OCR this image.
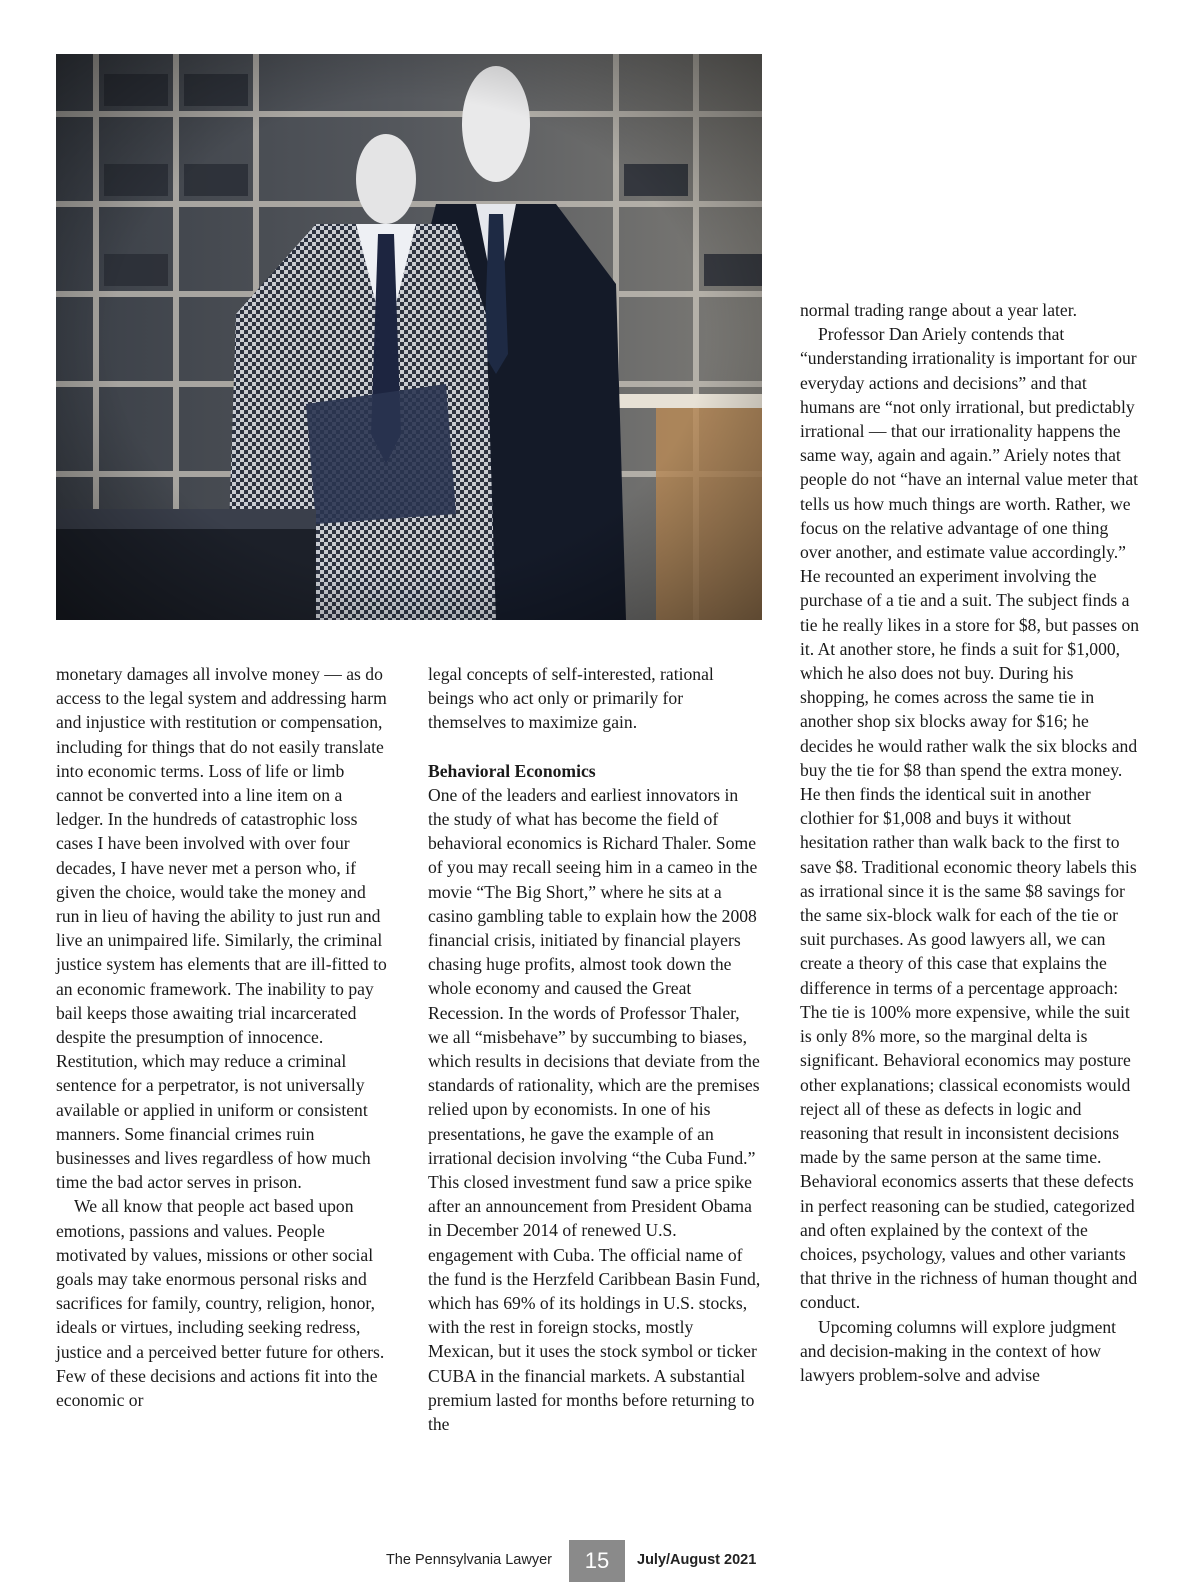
monetary damages all involve money — as do access to the legal system and addressing harm and injustice with restitution or compensation, including for things that do not easily translate into economic terms. Loss of life or limb cannot be converted into a line item on a ledger. In the hundreds of catastrophic loss cases I have been involved with over four decades, I have never met a person who, if given the choice, would take the money and run in lieu of having the ability to just run and live an unimpaired life. Similarly, the criminal justice system has elements that are ill-fitted to an economic framework. The inability to pay bail keeps those awaiting trial incarcerated despite the presumption of innocence. Restitution, which may reduce a criminal sentence for a perpetrator, is not universally available or applied in uniform or consistent manners. Some financial crimes ruin businesses and lives regardless of how much time the bad actor serves in prison.

We all know that people act based upon emotions, passions and values. People motivated by values, missions or other social goals may take enormous personal risks and sacrifices for family, country, religion, honor, ideals or virtues, including seeking redress, justice and a perceived better future for others. Few of these decisions and actions fit into the economic or

legal concepts of self-interested, rational beings who act only or primarily for themselves to maximize gain.

Behavioral Economics

One of the leaders and earliest innovators in the study of what has become the field of behavioral economics is Richard Thaler. Some of you may recall seeing him in a cameo in the movie “The Big Short,” where he sits at a casino gambling table to explain how the 2008 financial crisis, initiated by financial players chasing huge profits, almost took down the whole economy and caused the Great Recession. In the words of Professor Thaler, we all “misbehave” by succumbing to biases, which results in decisions that deviate from the standards of rationality, which are the premises relied upon by economists. In one of his presentations, he gave the example of an irrational decision involving “the Cuba Fund.” This closed investment fund saw a price spike after an announcement from President Obama in December 2014 of renewed U.S. engagement with Cuba. The official name of the fund is the Herzfeld Caribbean Basin Fund, which has 69% of its holdings in U.S. stocks, with the rest in foreign stocks, mostly Mexican, but it uses the stock symbol or ticker CUBA in the financial markets. A substantial premium lasted for months before returning to the

normal trading range about a year later.

Professor Dan Ariely contends that “understanding irrationality is important for our everyday actions and decisions” and that humans are “not only irrational, but predictably irrational — that our irrationality happens the same way, again and again.” Ariely notes that people do not “have an internal value meter that tells us how much things are worth. Rather, we focus on the relative advantage of one thing over another, and estimate value accordingly.” He recounted an experiment involving the purchase of a tie and a suit. The subject finds a tie he really likes in a store for $8, but passes on it. At another store, he finds a suit for $1,000, which he also does not buy. During his shopping, he comes across the same tie in another shop six blocks away for $16; he decides he would rather walk the six blocks and buy the tie for $8 than spend the extra money. He then finds the identical suit in another clothier for $1,008 and buys it without hesitation rather than walk back to the first to save $8. Traditional economic theory labels this as irrational since it is the same $8 savings for the same six-block walk for each of the tie or suit purchases. As good lawyers all, we can create a theory of this case that explains the difference in terms of a percentage approach: The tie is 100% more expensive, while the suit is only 8% more, so the marginal delta is significant. Behavioral economics may posture other explanations; classical economists would reject all of these as defects in logic and reasoning that result in inconsistent decisions made by the same person at the same time. Behavioral economics asserts that these defects in perfect reasoning can be studied, categorized and often explained by the context of the choices, psychology, values and other variants that thrive in the richness of human thought and conduct.

Upcoming columns will explore judgment and decision-making in the context of how lawyers problem-solve and advise

The Pennsylvania Lawyer	15	July/August 2021
